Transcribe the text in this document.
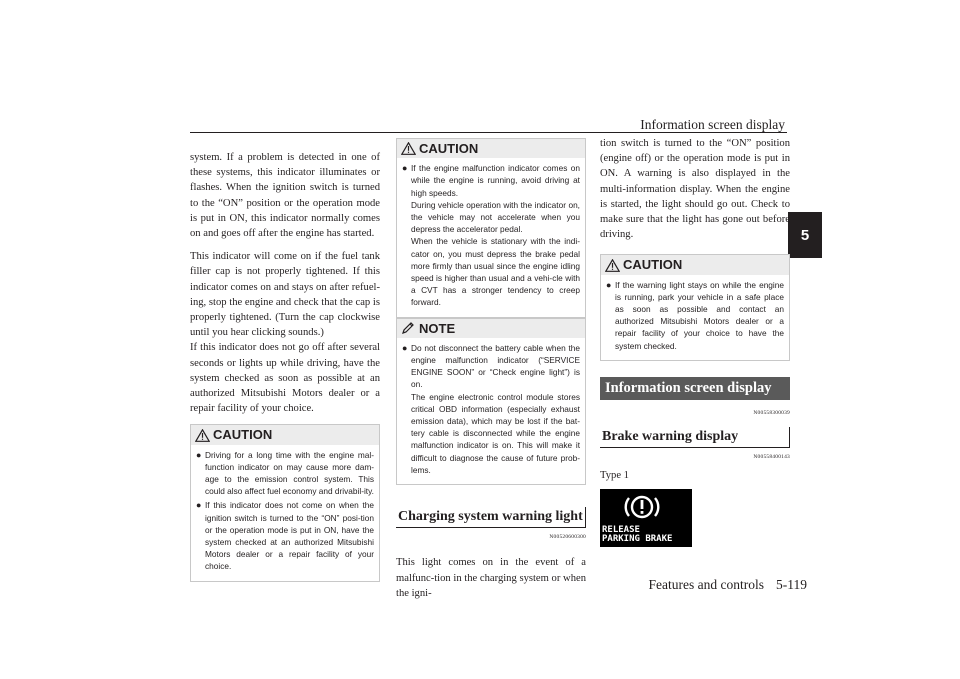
Information screen display
5

system. If a problem is detected in one of these systems, this indicator illuminates or flashes. When the ignition switch is turned to the “ON” position or the operation mode is put in ON, this indicator normally comes on and goes off after the engine has started.

This indicator will come on if the fuel tank filler cap is not properly tightened. If this indicator comes on and stays on after refuel-ing, stop the engine and check that the cap is properly tightened. (Turn the cap clockwise until you hear clicking sounds.)

If this indicator does not go off after several seconds or lights up while driving, have the system checked as soon as possible at an authorized Mitsubishi Motors dealer or a repair facility of your choice.

CAUTION
● Driving for a long time with the engine mal-function indicator on may cause more dam-age to the emission control system. This could also affect fuel economy and drivabil-ity.
● If this indicator does not come on when the ignition switch is turned to the “ON” posi-tion or the operation mode is put in ON, have the system checked at an authorized Mitsubishi Motors dealer or a repair facility of your choice.
CAUTION
● If the engine malfunction indicator comes on while the engine is running, avoid driving at high speeds.
During vehicle operation with the indicator on, the vehicle may not accelerate when you depress the accelerator pedal.
When the vehicle is stationary with the indi-cator on, you must depress the brake pedal more firmly than usual since the engine idling speed is higher than usual and a vehi-cle with a CVT has a stronger tendency to creep forward.
NOTE
● Do not disconnect the battery cable when the engine malfunction indicator (“SERVICE ENGINE SOON” or “Check engine light”) is on.
The engine electronic control module stores critical OBD information (especially exhaust emission data), which may be lost if the bat-tery cable is disconnected while the engine malfunction indicator is on. This will make it difficult to diagnose the cause of future prob-lems.
Charging system warning light
N00520600300

This light comes on in the event of a malfunc-tion in the charging system or when the igni-

tion switch is turned to the “ON” position (engine off) or the operation mode is put in ON. A warning is also displayed in the multi-information display. When the engine is started, the light should go out. Check to make sure that the light has gone out before driving.

CAUTION
● If the warning light stays on while the engine is running, park your vehicle in a safe place as soon as possible and contact an authorized Mitsubishi Motors dealer or a repair facility of your choice to have the system checked.
Information screen display
N00558300039
Brake warning display
N00558400143
Type 1
RELEASE
PARKING BRAKE
Features and controls 5-119
